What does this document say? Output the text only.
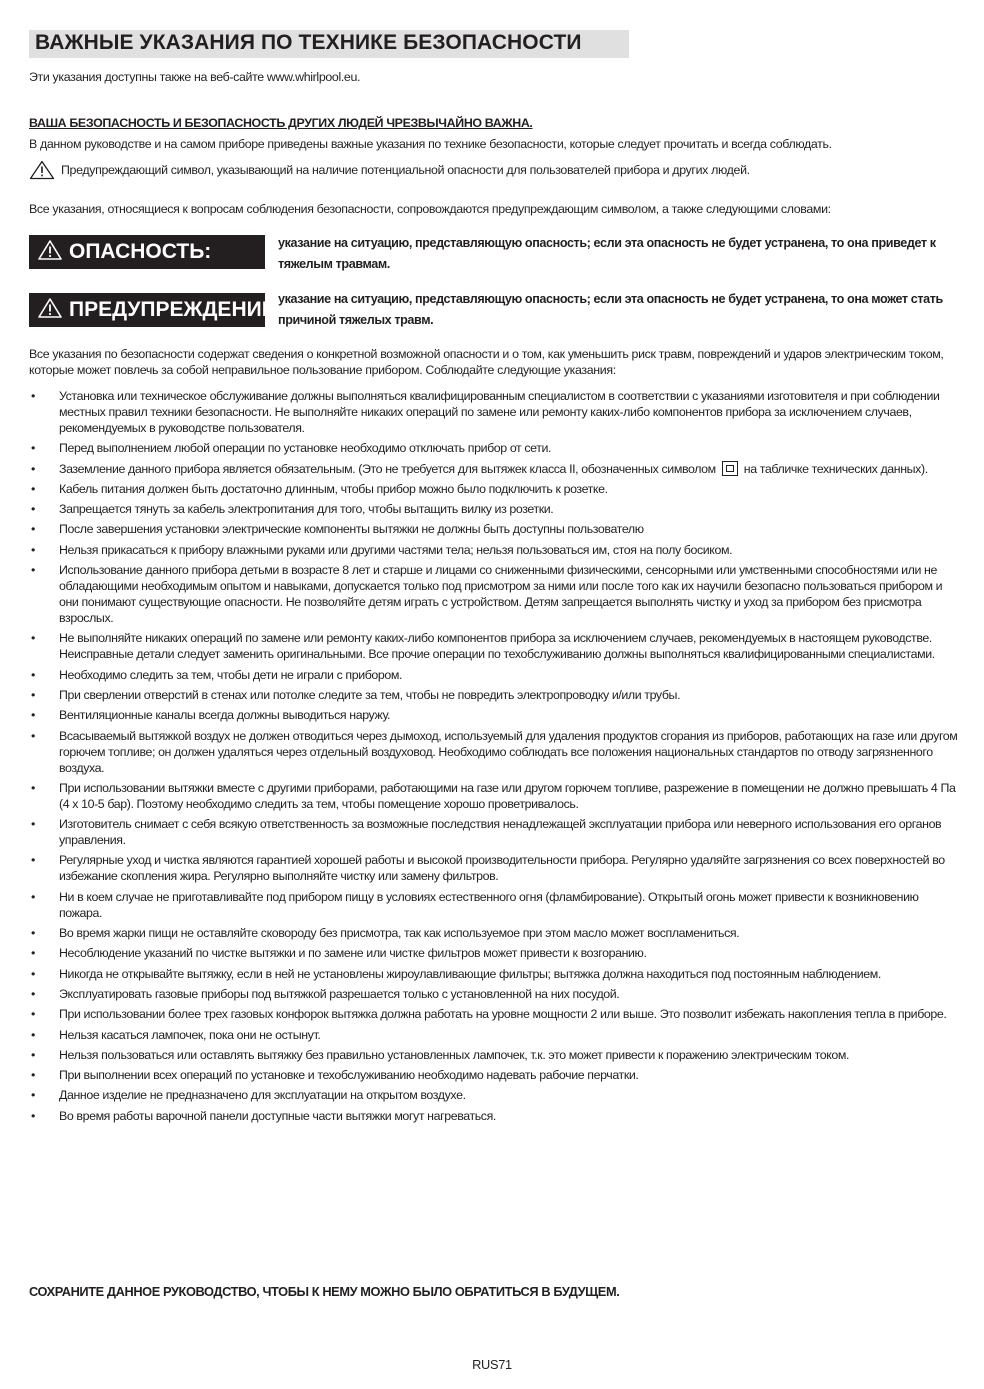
ВАЖНЫЕ УКАЗАНИЯ ПО ТЕХНИКЕ БЕЗОПАСНОСТИ
Эти указания доступны также на веб-сайте www.whirlpool.eu.
ВАША БЕЗОПАСНОСТЬ И БЕЗОПАСНОСТЬ ДРУГИХ ЛЮДЕЙ ЧРЕЗВЫЧАЙНО ВАЖНА.
В данном руководстве и на самом приборе приведены важные указания по технике безопасности, которые следует прочитать и всегда соблюдать.
Предупреждающий символ, указывающий на наличие потенциальной опасности для пользователей прибора и других людей.
Все указания, относящиеся к вопросам соблюдения безопасности, сопровождаются предупреждающим символом, а также следующими словами:
ОПАСНОСТЬ:	указание на ситуацию, представляющую опасность; если эта опасность не будет устранена, то она приведет к тяжелым травмам.
ПРЕДУПРЕЖДЕНИЕ:
указание на ситуацию, представляющую опасность; если эта опасность не будет устранена, то она может стать причиной тяжелых травм.
Все указания по безопасности содержат сведения о конкретной возможной опасности и о том, как уменьшить риск травм, повреждений и ударов электрическим током, которые может повлечь за собой неправильное пользование прибором. Соблюдайте следующие указания:
• Установка или техническое обслуживание должны выполняться квалифицированным специалистом в соответствии с указаниями изготовителя и при соблюдении местных правил техники безопасности. Не выполняйте никаких операций по замене или ремонту каких-либо компонентов прибора за исключением случаев, рекомендуемых в руководстве пользователя.
• Перед выполнением любой операции по установке необходимо отключать прибор от сети.
• Заземление данного прибора является обязательным. (Это не требуется для вытяжек класса II, обозначенных символом на табличке технических данных).
• Кабель питания должен быть достаточно длинным, чтобы прибор можно было подключить к розетке.
• Запрещается тянуть за кабель электропитания для того, чтобы вытащить вилку из розетки.
• После завершения установки электрические компоненты вытяжки не должны быть доступны пользователю
• Нельзя прикасаться к прибору влажными руками или другими частями тела; нельзя пользоваться им, стоя на полу босиком.
• Использование данного прибора детьми в возрасте 8 лет и старше и лицами со сниженными физическими, сенсорными или умственными способностями или не обладающими необходимым опытом и навыками, допускается только под присмотром за ними или после того как их научили безопасно пользоваться прибором и они понимают существующие опасности. Не позволяйте детям играть с устройством. Детям запрещается выполнять чистку и уход за прибором без присмотра взрослых.
• Не выполняйте никаких операций по замене или ремонту каких-либо компонентов прибора за исключением случаев, рекомендуемых в настоящем руководстве. Неисправные детали следует заменить оригинальными. Все прочие операции по техобслуживанию должны выполняться квалифицированными специалистами.
• Необходимо следить за тем, чтобы дети не играли с прибором.
• При сверлении отверстий в стенах или потолке следите за тем, чтобы не повредить электропроводку и/или трубы.
• Вентиляционные каналы всегда должны выводиться наружу.
• Всасываемый вытяжкой воздух не должен отводиться через дымоход, используемый для удаления продуктов сгорания из приборов, работающих на газе или другом горючем топливе; он должен удаляться через отдельный воздуховод. Необходимо соблюдать все положения национальных стандартов по отводу загрязненного воздуха.
• При использовании вытяжки вместе с другими приборами, работающими на газе или другом горючем топливе, разрежение в помещении не должно превышать 4 Па (4 x 10-5 бар). Поэтому необходимо следить за тем, чтобы помещение хорошо проветривалось.
• Изготовитель снимает с себя всякую ответственность за возможные последствия ненадлежащей эксплуатации прибора или неверного использования его органов управления.
• Регулярные уход и чистка являются гарантией хорошей работы и высокой производительности прибора. Регулярно удаляйте загрязнения со всех поверхностей во избежание скопления жира. Регулярно выполняйте чистку или замену фильтров.
• Ни в коем случае не приготавливайте под прибором пищу в условиях естественного огня (фламбирование). Открытый огонь может привести к возникновению пожара.
• Во время жарки пищи не оставляйте сковороду без присмотра, так как используемое при этом масло может воспламениться.
• Несоблюдение указаний по чистке вытяжки и по замене или чистке фильтров может привести к возгоранию.
• Никогда не открывайте вытяжку, если в ней не установлены жироулавливающие фильтры; вытяжка должна находиться под постоянным наблюдением.
• Эксплуатировать газовые приборы под вытяжкой разрешается только с установленной на них посудой.
• При использовании более трех газовых конфорок вытяжка должна работать на уровне мощности 2 или выше. Это позволит избежать накопления тепла в приборе.
• Нельзя касаться лампочек, пока они не остынут.
• Нельзя пользоваться или оставлять вытяжку без правильно установленных лампочек, т.к. это может привести к поражению электрическим током.
• При выполнении всех операций по установке и техобслуживанию необходимо надевать рабочие перчатки.
• Данное изделие не предназначено для эксплуатации на открытом воздухе.
• Во время работы варочной панели доступные части вытяжки могут нагреваться.
СОХРАНИТЕ ДАННОЕ РУКОВОДСТВО, ЧТОБЫ К НЕМУ МОЖНО БЫЛО ОБРАТИТЬСЯ В БУДУЩЕМ.
RUS71
